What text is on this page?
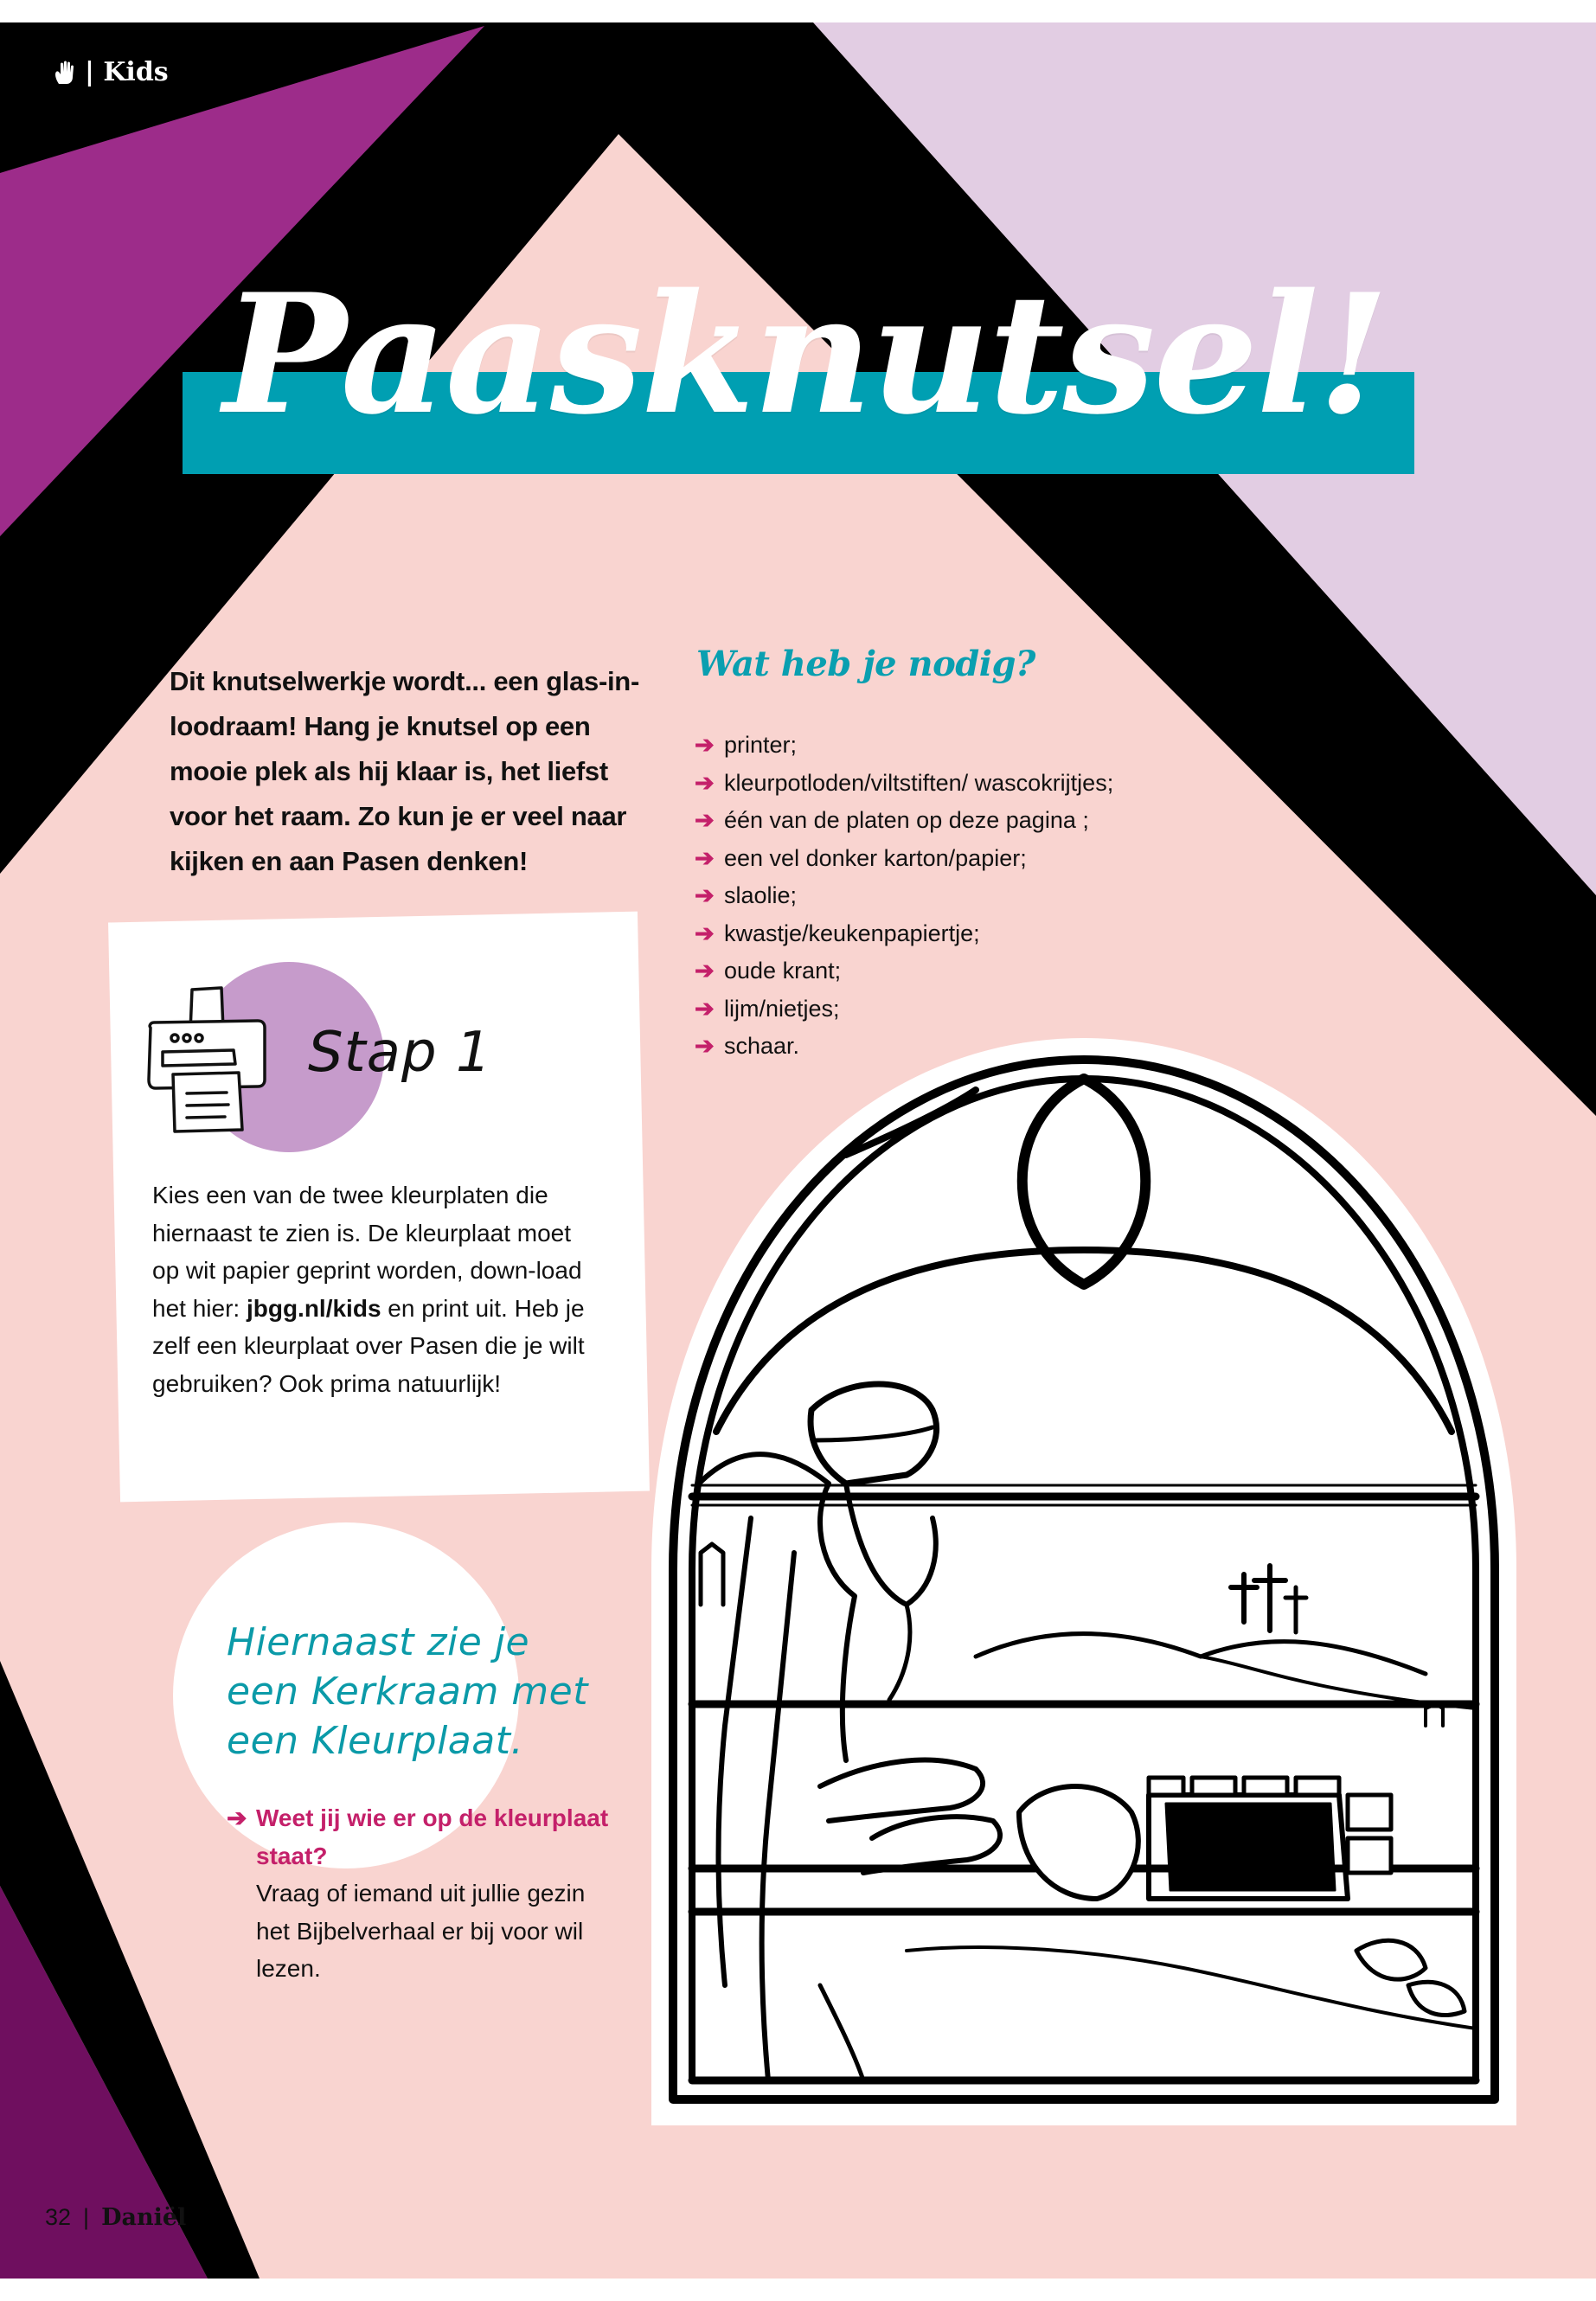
| Kids
Paasknutsel!
Dit knutselwerkje wordt... een glas-in-loodraam! Hang je knutsel op een mooie plek als hij klaar is, het liefst voor het raam. Zo kun je er veel naar kijken en aan Pasen denken!
Wat heb je nodig?
➔ printer;
➔ kleurpotloden/viltstiften/ wascokrijtjes;
➔ één van de platen op deze pagina ;
➔ een vel donker karton/papier;
➔ slaolie;
➔ kwastje/keukenpapiertje;
➔ oude krant;
➔ lijm/nietjes;
➔ schaar.
Stap 1
Kies een van de twee kleurplaten die hiernaast te zien is. De kleurplaat moet op wit papier geprint worden, down-load het hier: jbgg.nl/kids en print uit. Heb je zelf een kleurplaat over Pasen die je wilt gebruiken? Ook prima natuurlijk!
Hiernaast zie je een Kerkraam met een Kleurplaat.
➔ Weet jij wie er op de kleurplaat staat?
Vraag of iemand uit jullie gezin het Bijbelverhaal er bij voor wil lezen.
32 | Daniël
